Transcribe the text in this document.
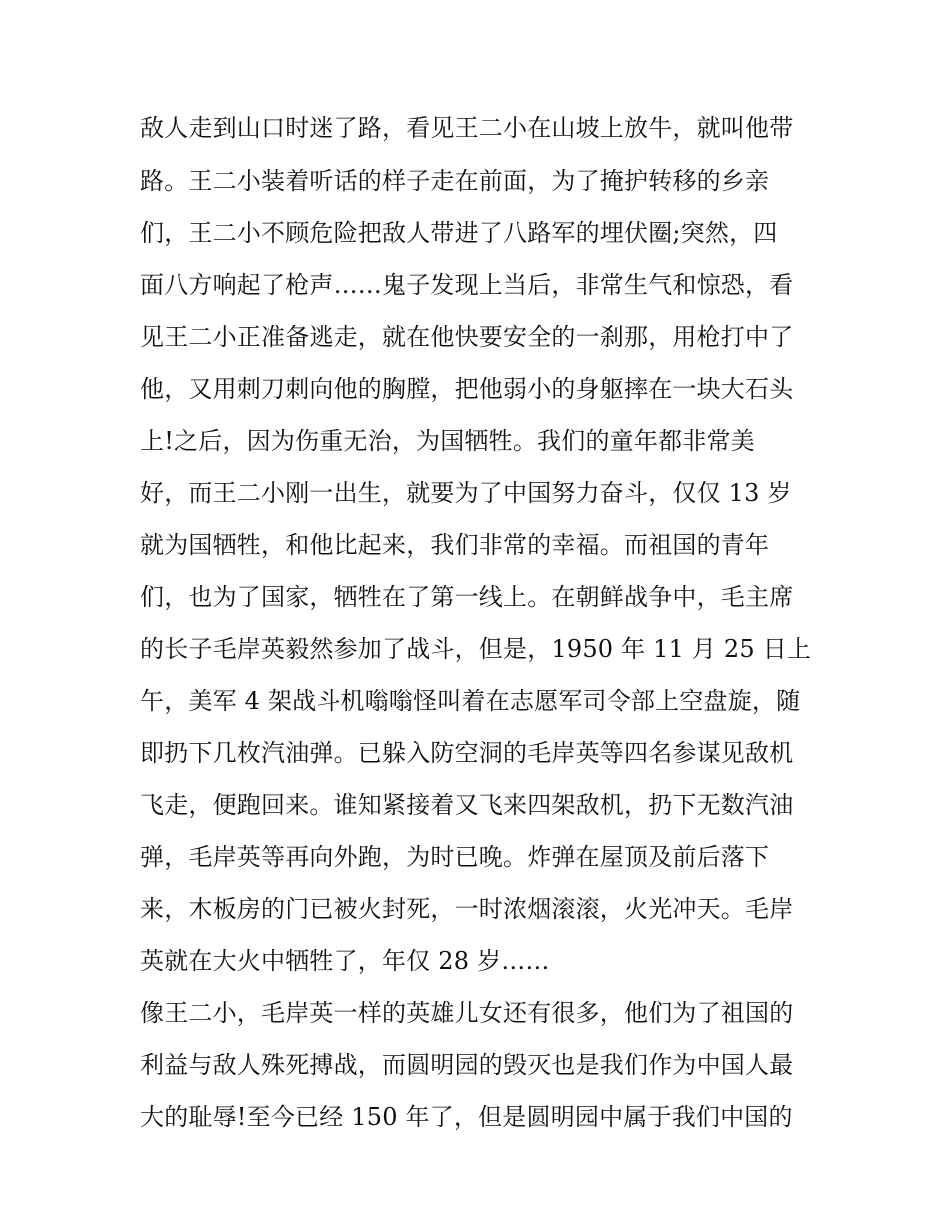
敌人走到山口时迷了路，看见王二小在山坡上放牛，就叫他带
路。王二小装着听话的样子走在前面，为了掩护转移的乡亲
们，王二小不顾危险把敌人带进了八路军的埋伏圈;突然，四
面八方响起了枪声……鬼子发现上当后，非常生气和惊恐，看
见王二小正准备逃走，就在他快要安全的一刹那，用枪打中了
他，又用刺刀刺向他的胸膛，把他弱小的身躯摔在一块大石头
上!之后，因为伤重无治，为国牺牲。我们的童年都非常美
好，而王二小刚一出生，就要为了中国努力奋斗，仅仅 13 岁
就为国牺牲，和他比起来，我们非常的幸福。而祖国的青年
们，也为了国家，牺牲在了第一线上。在朝鲜战争中，毛主席
的长子毛岸英毅然参加了战斗，但是，1950 年 11 月 25 日上
午，美军 4 架战斗机嗡嗡怪叫着在志愿军司令部上空盘旋，随
即扔下几枚汽油弹。已躲入防空洞的毛岸英等四名参谋见敌机
飞走，便跑回来。谁知紧接着又飞来四架敌机，扔下无数汽油
弹，毛岸英等再向外跑，为时已晚。炸弹在屋顶及前后落下
来，木板房的门已被火封死，一时浓烟滚滚，火光冲天。毛岸
英就在大火中牺牲了，年仅 28 岁……
像王二小，毛岸英一样的英雄儿女还有很多，他们为了祖国的
利益与敌人殊死搏战，而圆明园的毁灭也是我们作为中国人最
大的耻辱!至今已经 150 年了，但是圆明园中属于我们中国的
